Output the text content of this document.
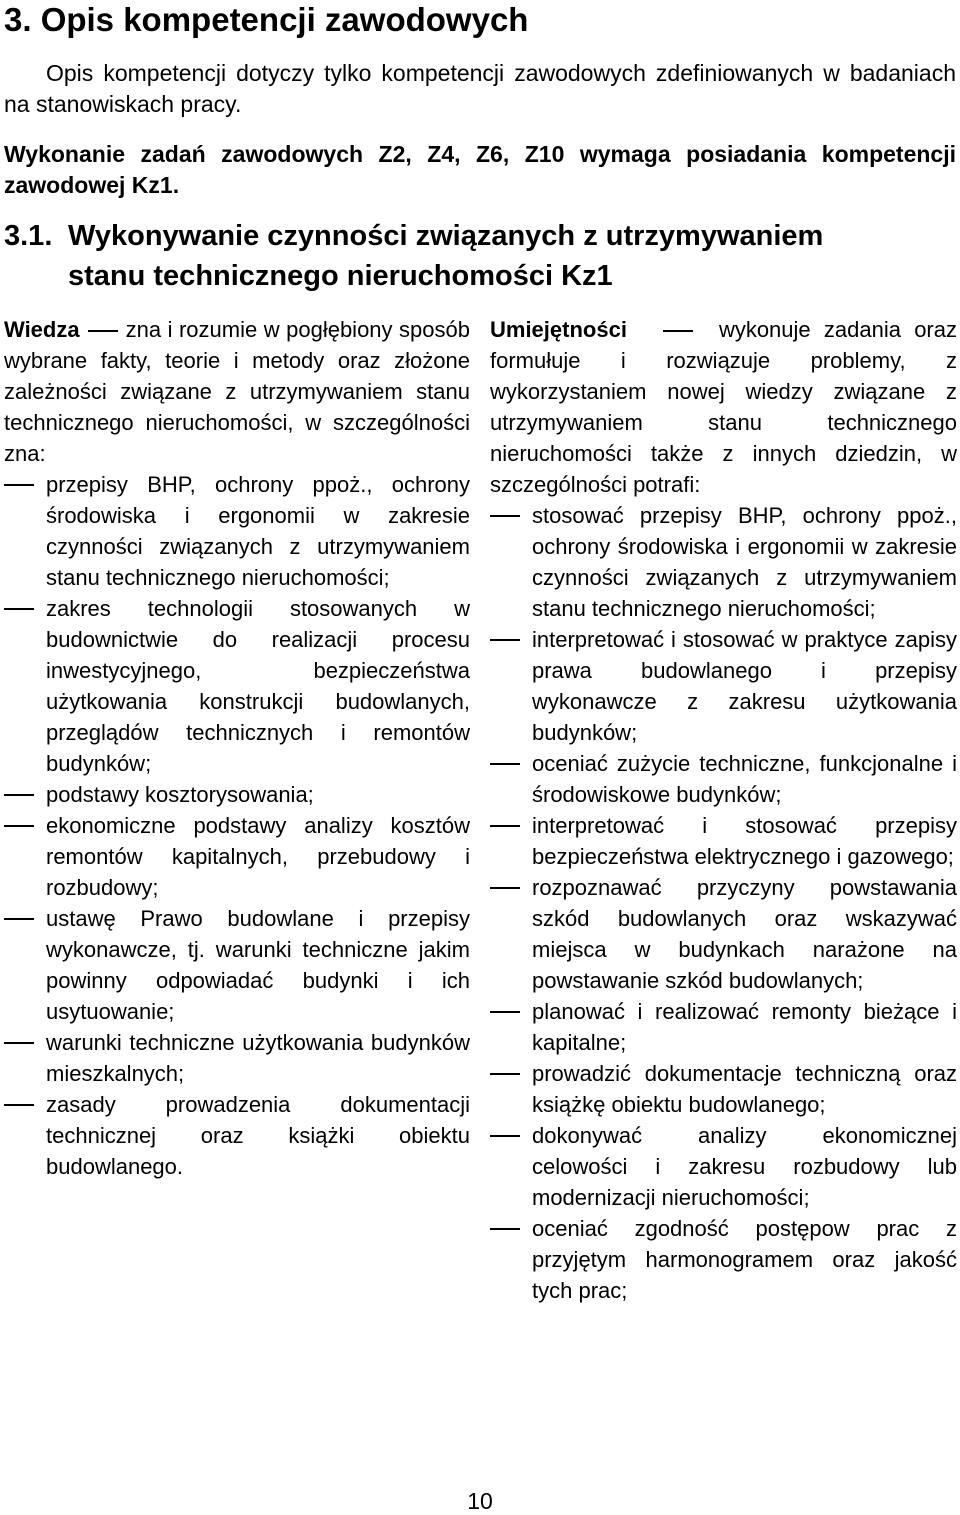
3. Opis kompetencji zawodowych

Opis kompetencji dotyczy tylko kompetencji zawodowych zdefiniowanych w badaniach na stanowiskach pracy.

Wykonanie zadań zawodowych Z2, Z4, Z6, Z10 wymaga posiadania kompetencji zawodowej Kz1.

3.1. Wykonywanie czynności związanych z utrzymywaniem
stanu technicznego nieruchomości Kz1

Wiedza zna i rozumie w pogłębiony sposób wybrane fakty, teorie i metody oraz złożone zależności związane z utrzymywaniem stanu technicznego nieruchomości, w szczególności zna:

przepisy BHP, ochrony ppoż., ochrony środowiska i ergonomii w zakresie czynności związanych z utrzymywaniem stanu technicznego nieruchomości;
zakres technologii stosowanych w budownictwie do realizacji procesu inwestycyjnego, bezpieczeństwa użytkowania konstrukcji budowlanych, przeglądów technicznych i remontów budynków;
podstawy kosztorysowania;
ekonomiczne podstawy analizy kosztów remontów kapitalnych, przebudowy i rozbudowy;
ustawę Prawo budowlane i przepisy wykonawcze, tj. warunki techniczne jakim powinny odpowiadać budynki i ich usytuowanie;
warunki techniczne użytkowania budynków mieszkalnych;
zasady prowadzenia dokumentacji technicznej oraz książki obiektu budowlanego.

Umiejętności	wykonuje zadania oraz formułuje i rozwiązuje problemy, z wykorzystaniem nowej wiedzy związane z utrzymywaniem stanu technicznego nieruchomości także z innych dziedzin, w szczególności potrafi:

stosować przepisy BHP, ochrony ppoż., ochrony środowiska i ergonomii w zakresie czynności związanych z utrzymywaniem stanu technicznego nieruchomości;
interpretować i stosować w praktyce zapisy prawa budowlanego i przepisy wykonawcze z zakresu użytkowania budynków;
oceniać zużycie techniczne, funkcjonalne i środowiskowe budynków;
interpretować i stosować przepisy bezpieczeństwa elektrycznego i gazowego;
rozpoznawać przyczyny powstawania szkód budowlanych oraz wskazywać miejsca w budynkach narażone na powstawanie szkód budowlanych;
planować i realizować remonty bieżące i kapitalne;
prowadzić dokumentacje techniczną oraz książkę obiektu budowlanego;
dokonywać analizy ekonomicznej celowości i zakresu rozbudowy lub modernizacji nieruchomości;
oceniać zgodność postępow prac z przyjętym harmonogramem oraz jakość tych prac;
10
